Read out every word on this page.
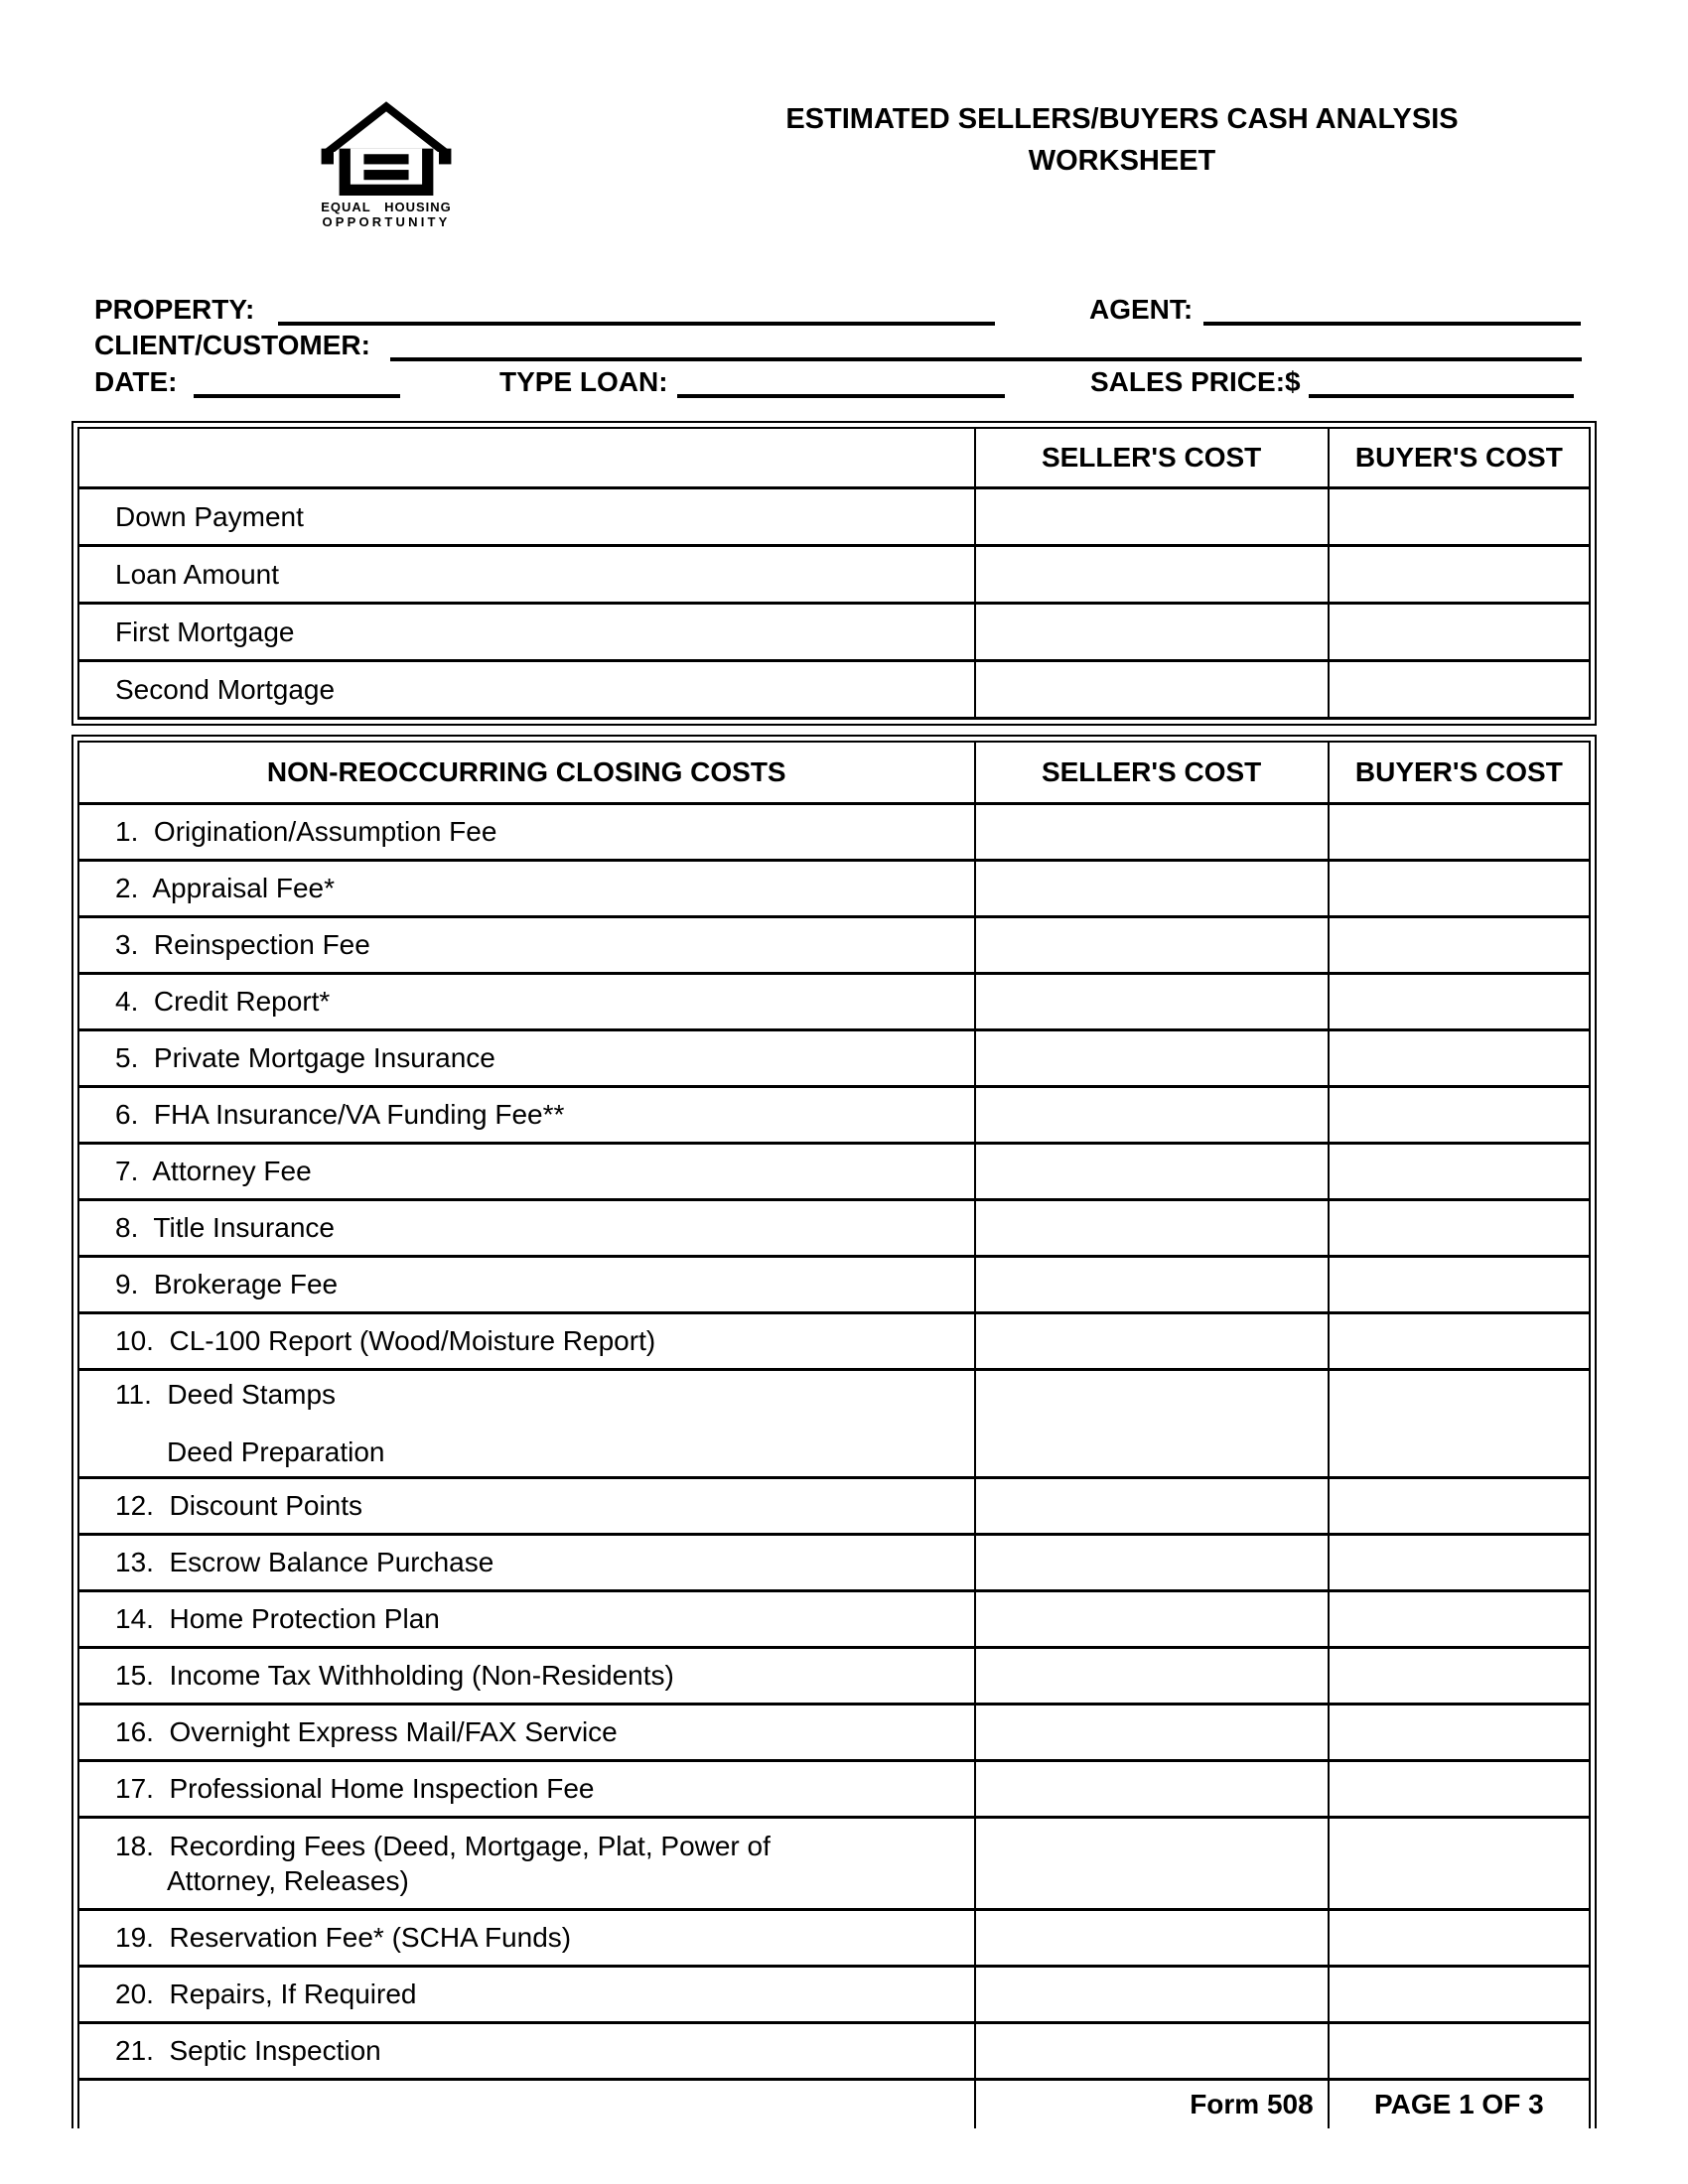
EQUAL HOUSING
OPPORTUNITY
ESTIMATED SELLERS/BUYERS CASH ANALYSIS
WORKSHEET
PROPERTY:	AGENT:
CLIENT/CUSTOMER:
DATE:	TYPE LOAN:	SALES PRICE:$
	SELLER'S COST	BUYER'S COST
Down Payment		
Loan Amount		
First Mortgage		
Second Mortgage		
NON-REOCCURRING CLOSING COSTS	SELLER'S COST	BUYER'S COST

1.  Origination/Assumption Fee		

2.  Appraisal Fee*		

3.  Reinspection Fee		

4.  Credit Report*		

5.  Private Mortgage Insurance		

6.  FHA Insurance/VA Funding Fee**		

7.  Attorney Fee		

8.  Title Insurance		

9.  Brokerage Fee		

10.  CL-100 Report (Wood/Moisture Report)		

11.  Deed Stamps
Deed Preparation		

12.  Discount Points		

13.  Escrow Balance Purchase		

14.  Home Protection Plan		

15.  Income Tax Withholding (Non-Residents)		

16.  Overnight Express Mail/FAX Service		

17.  Professional Home Inspection Fee		

18.  Recording Fees (Deed, Mortgage, Plat, Power of
Attorney, Releases)		

19.  Reservation Fee* (SCHA Funds)		

20.  Repairs, If Required		

21.  Septic Inspection		

	Form 508	PAGE 1 OF 3
